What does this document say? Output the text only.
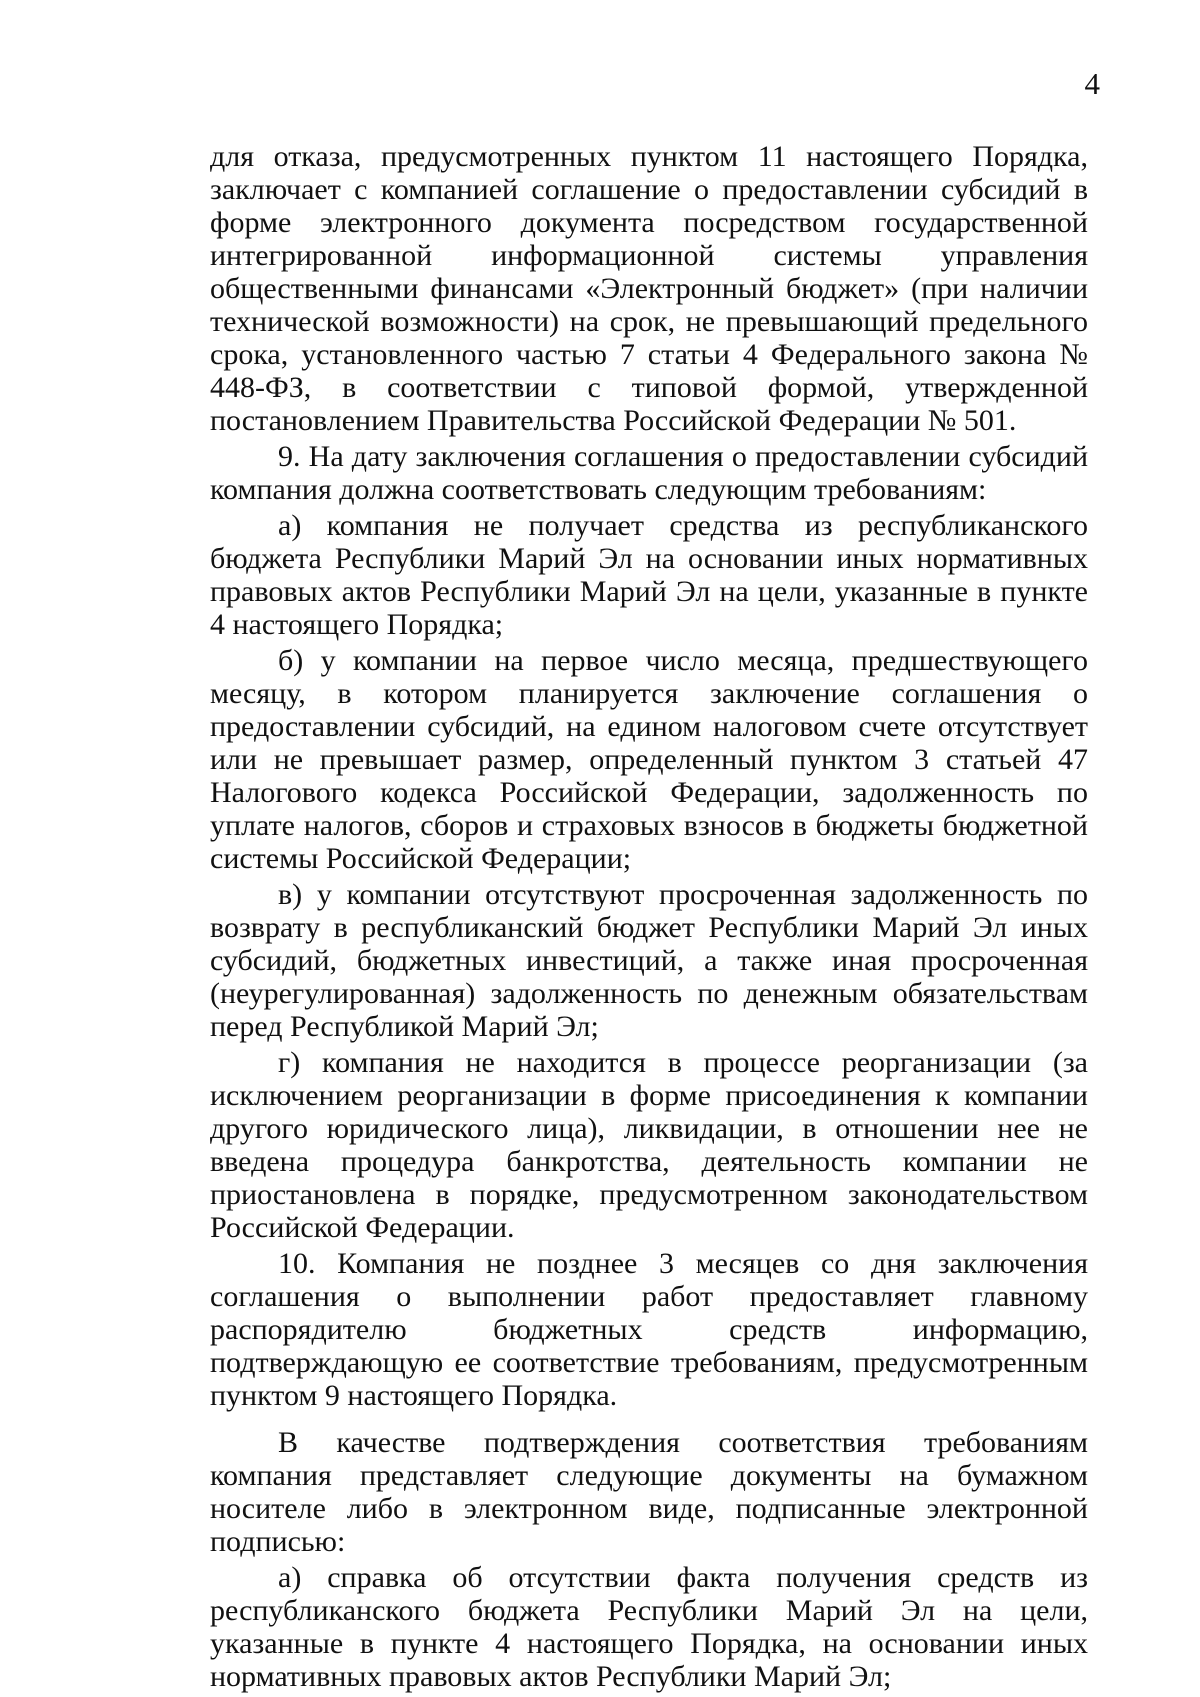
4

для отказа, предусмотренных пунктом 11 настоящего Порядка, заключает с компанией соглашение о предоставлении субсидий в форме электронного документа посредством государственной интегрированной информационной системы управления общественными финансами «Электронный бюджет» (при наличии технической возможности) на срок, не превышающий предельного срока, установленного частью 7 статьи 4 Федерального закона № 448-ФЗ, в соответствии с типовой формой, утвержденной постановлением Правительства Российской Федерации № 501.

9. На дату заключения соглашения о предоставлении субсидий компания должна соответствовать следующим требованиям:

а) компания не получает средства из республиканского бюджета Республики Марий Эл на основании иных нормативных правовых актов Республики Марий Эл на цели, указанные в пункте 4 настоящего Порядка;

б) у компании на первое число месяца, предшествующего месяцу, в котором планируется заключение соглашения о предоставлении субсидий, на едином налоговом счете отсутствует или не превышает размер, определенный пунктом 3 статьей 47 Налогового кодекса Российской Федерации, задолженность по уплате налогов, сборов и страховых взносов в бюджеты бюджетной системы Российской Федерации;

в) у компании отсутствуют просроченная задолженность по возврату в республиканский бюджет Республики Марий Эл иных субсидий, бюджетных инвестиций, а также иная просроченная (неурегулированная) задолженность по денежным обязательствам перед Республикой Марий Эл;

г) компания не находится в процессе реорганизации (за исключением реорганизации в форме присоединения к компании другого юридического лица), ликвидации, в отношении нее не введена процедура банкротства, деятельность компании не приостановлена в порядке, предусмотренном законодательством Российской Федерации.

10. Компания не позднее 3 месяцев со дня заключения соглашения о выполнении работ предоставляет главному распорядителю бюджетных средств информацию, подтверждающую ее соответствие требованиям, предусмотренным пунктом 9 настоящего Порядка.

В качестве подтверждения соответствия требованиям компания представляет следующие документы на бумажном носителе либо в электронном виде, подписанные электронной подписью:

а) справка об отсутствии факта получения средств из республиканского бюджета Республики Марий Эл на цели, указанные в пункте 4 настоящего Порядка, на основании иных нормативных правовых актов Республики Марий Эл;
